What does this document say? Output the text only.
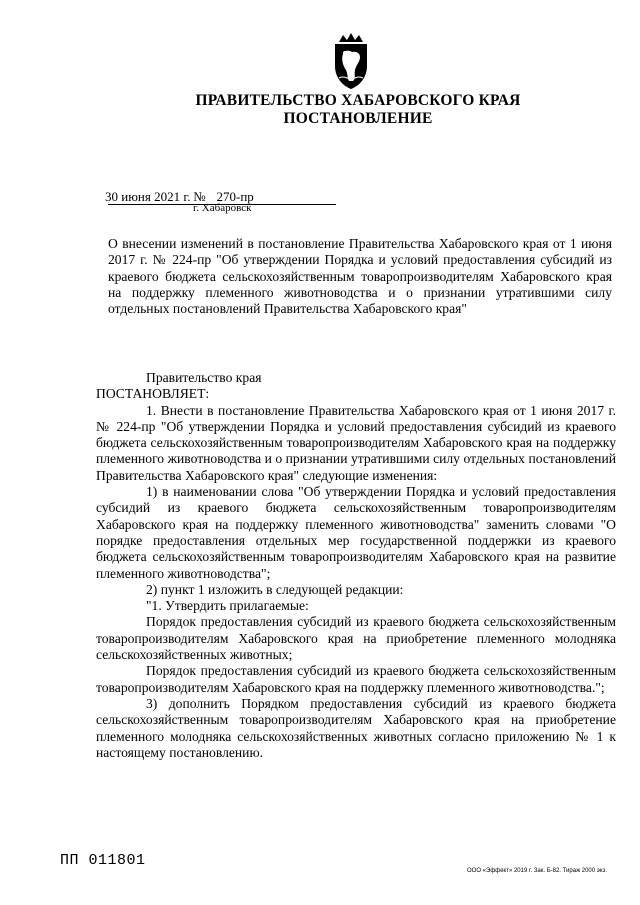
ПРАВИТЕЛЬСТВО ХАБАРОВСКОГО КРАЯ
ПОСТАНОВЛЕНИЕ
30 июня 2021 г. № 270-пр
г. Хабаровск
О внесении изменений в постановление Правительства Хабаровского края от 1 июня 2017 г. № 224-пр "Об утверждении Порядка и условий предоставления субсидий из краевого бюджета сельскохозяйственным товаропроизводителям Хабаровского края на поддержку племенного животноводства и о признании утратившими силу отдельных постановлений Правительства Хабаровского края"

Правительство края

ПОСТАНОВЛЯЕТ:

1. Внести в постановление Правительства Хабаровского края от 1 июня 2017 г. № 224-пр "Об утверждении Порядка и условий предоставления субсидий из краевого бюджета сельскохозяйственным товаропроизводителям Хабаровского края на поддержку племенного животноводства и о признании утратившими силу отдельных постановлений Правительства Хабаровского края" следующие изменения:

1) в наименовании слова "Об утверждении Порядка и условий предоставления субсидий из краевого бюджета сельскохозяйственным товаропроизводителям Хабаровского края на поддержку племенного животноводства" заменить словами "О порядке предоставления отдельных мер государственной поддержки из краевого бюджета сельскохозяйственным товаропроизводителям Хабаровского края на развитие племенного животноводства";

2) пункт 1 изложить в следующей редакции:

"1. Утвердить прилагаемые:

Порядок предоставления субсидий из краевого бюджета сельскохозяйственным товаропроизводителям Хабаровского края на приобретение племенного молодняка сельскохозяйственных животных;

Порядок предоставления субсидий из краевого бюджета сельскохозяйственным товаропроизводителям Хабаровского края на поддержку племенного животноводства.";

3) дополнить Порядком предоставления субсидий из краевого бюджета сельскохозяйственным товаропроизводителям Хабаровского края на приобретение племенного молодняка сельскохозяйственных животных согласно приложению № 1 к настоящему постановлению.

ПП 011801
ООО «Эффект» 2019 г. Зак. Б-82. Тираж 2000 экз.
